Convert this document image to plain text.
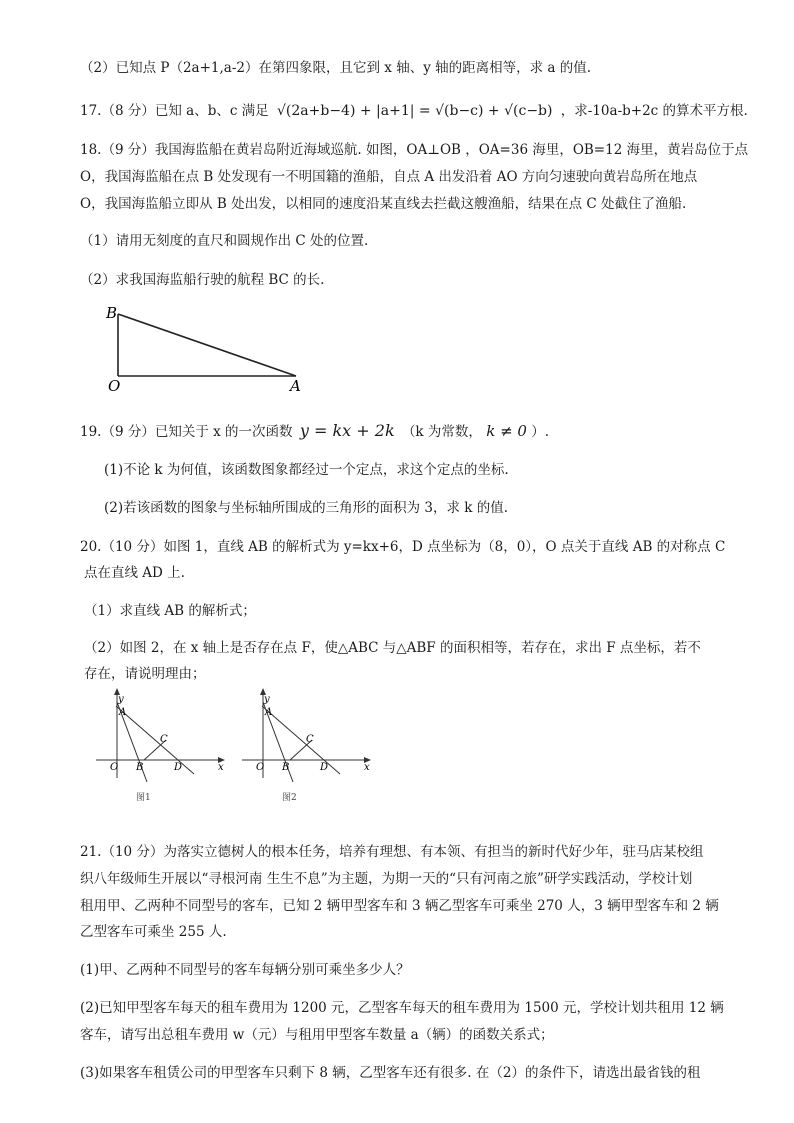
（2）已知点 P（2a+1,a-2）在第四象限，且它到 x 轴、y 轴的距离相等，求 a 的值.
17.（8 分）已知 a、b、c 满足 √(2a+b−4) + |a+1| = √(b−c) + √(c−b) ，求-10a-b+2c 的算术平方根.
18.（9 分）我国海监船在黄岩岛附近海域巡航. 如图，OA⊥OB ，OA=36 海里，OB=12 海里，黄岩岛位于点
O，我国海监船在点 B 处发现有一不明国籍的渔船，自点 A 出发沿着 AO 方向匀速驶向黄岩岛所在地点
O，我国海监船立即从 B 处出发，以相同的速度沿某直线去拦截这艘渔船，结果在点 C 处截住了渔船.
（1）请用无刻度的直尺和圆规作出 C 处的位置.
（2）求我国海监船行驶的航程 BC 的长.
B
O	A
19.（9 分）已知关于 x 的一次函数 y = kx + 2k （k 为常数， k ≠ 0 ）.
(1)不论 k 为何值，该函数图象都经过一个定点，求这个定点的坐标.
(2)若该函数的图象与坐标轴所围成的三角形的面积为 3，求 k 的值.
20.（10 分）如图 1，直线 AB 的解析式为 y=kx+6，D 点坐标为（8，0），O 点关于直线 AB 的对称点 C
点在直线 AD 上.
（1）求直线 AB 的解析式；
（2）如图 2，在 x 轴上是否存在点 F，使△ABC 与△ABF 的面积相等，若存在，求出 F 点坐标，若不
存在，请说明理由；
y
A
C
O B	D	x
图1
y
A
C
O B	D	x
图2
21.（10 分）为落实立德树人的根本任务，培养有理想、有本领、有担当的新时代好少年，驻马店某校组
织八年级师生开展以“寻根河南 生生不息”为主题，为期一天的“只有河南之旅”研学实践活动，学校计划
租用甲、乙两种不同型号的客车，已知 2 辆甲型客车和 3 辆乙型客车可乘坐 270 人，3 辆甲型客车和 2 辆
乙型客车可乘坐 255 人.
(1)甲、乙两种不同型号的客车每辆分别可乘坐多少人？
(2)已知甲型客车每天的租车费用为 1200 元，乙型客车每天的租车费用为 1500 元，学校计划共租用 12 辆
客车，请写出总租车费用 w（元）与租用甲型客车数量 a（辆）的函数关系式；
(3)如果客车租赁公司的甲型客车只剩下 8 辆，乙型客车还有很多. 在（2）的条件下，请选出最省钱的租
